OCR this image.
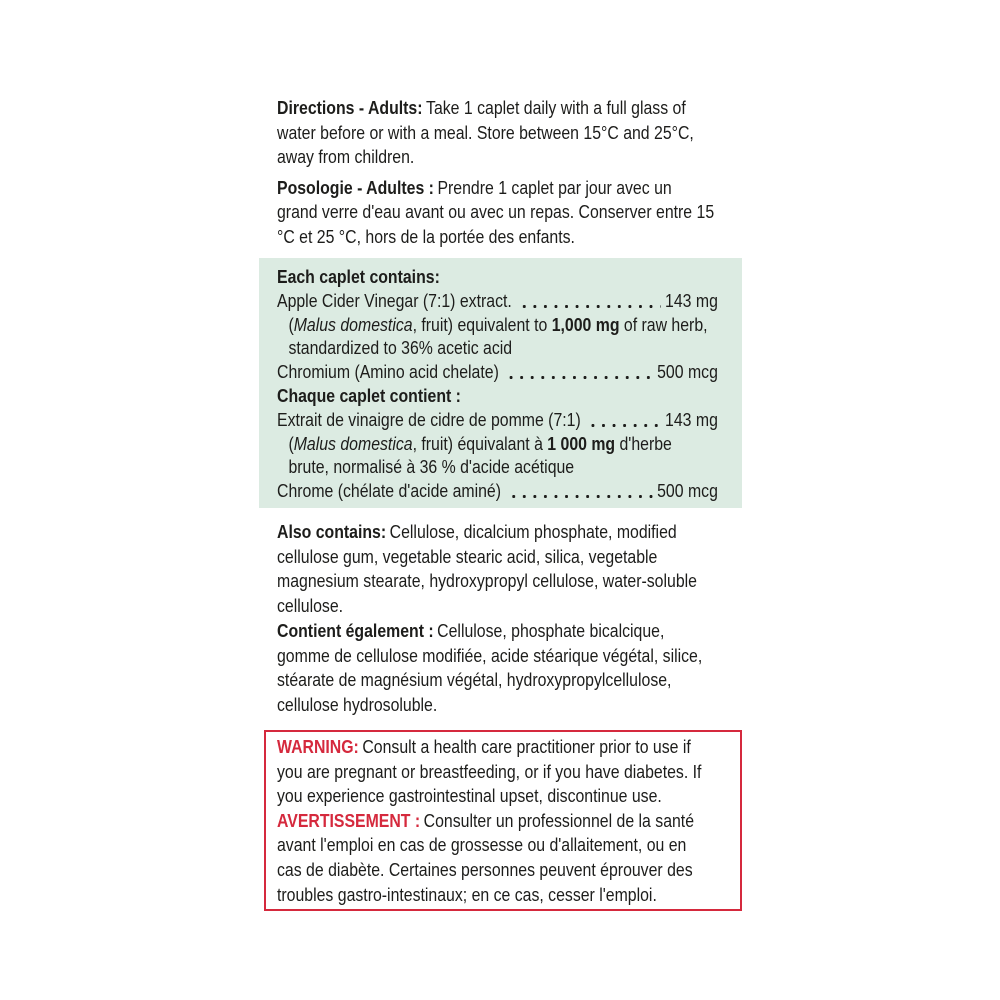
Directions - Adults: Take 1 caplet daily with a full glass of water before or with a meal. Store between 15°C and 25°C, away from children.
Posologie - Adultes : Prendre 1 caplet par jour avec un grand verre d'eau avant ou avec un repas. Conserver entre 15 °C et 25 °C, hors de la portée des enfants.
Each caplet contains:
Apple Cider Vinegar (7:1) extract.	143 mg
(Malus domestica, fruit) equivalent to 1,000 mg of raw herb,
standardized to 36% acetic acid
Chromium (Amino acid chelate)	500 mcg
Chaque caplet contient :
Extrait de vinaigre de cidre de pomme (7:1)	143 mg
(Malus domestica, fruit) équivalant à 1 000 mg d'herbe
brute, normalisé à 36 % d'acide acétique
Chrome (chélate d'acide aminé)	500 mcg
Also contains: Cellulose, dicalcium phosphate, modified cellulose gum, vegetable stearic acid, silica, vegetable magnesium stearate, hydroxypropyl cellulose, water-soluble cellulose.
Contient également : Cellulose, phosphate bicalcique, gomme de cellulose modifiée, acide stéarique végétal, silice, stéarate de magnésium végétal, hydroxypropylcellulose, cellulose hydrosoluble.
WARNING: Consult a health care practitioner prior to use if you are pregnant or breastfeeding, or if you have diabetes. If you experience gastrointestinal upset, discontinue use.
AVERTISSEMENT : Consulter un professionnel de la santé avant l'emploi en cas de grossesse ou d'allaitement, ou en cas de diabète. Certaines personnes peuvent éprouver des troubles gastro-intestinaux; en ce cas, cesser l'emploi.
